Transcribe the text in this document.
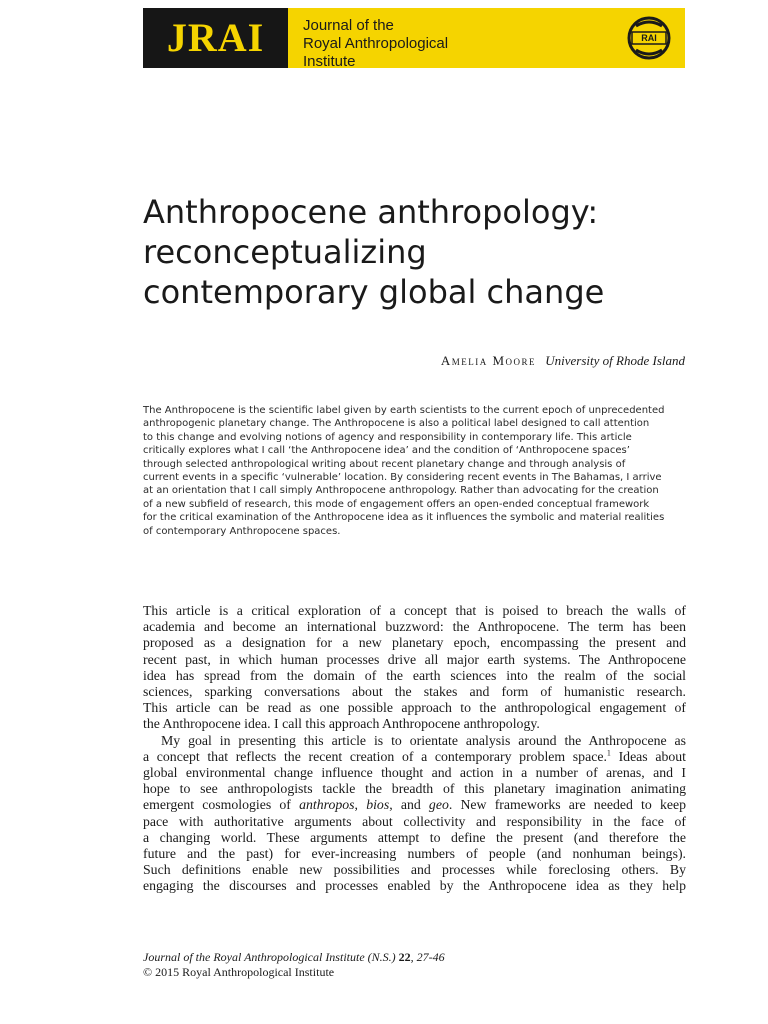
JRAI	Journal of the
Royal Anthropological
Institute
RAI
Anthropocene anthropology:
reconceptualizing
contemporary global change
Amelia Moore University of Rhode Island
The Anthropocene is the scientific label given by earth scientists to the current epoch of unprecedented
anthropogenic planetary change. The Anthropocene is also a political label designed to call attention
to this change and evolving notions of agency and responsibility in contemporary life. This article
critically explores what I call ‘the Anthropocene idea’ and the condition of ‘Anthropocene spaces’
through selected anthropological writing about recent planetary change and through analysis of
current events in a specific ‘vulnerable’ location. By considering recent events in The Bahamas, I arrive
at an orientation that I call simply Anthropocene anthropology. Rather than advocating for the creation
of a new subfield of research, this mode of engagement offers an open-ended conceptual framework
for the critical examination of the Anthropocene idea as it influences the symbolic and material realities
of contemporary Anthropocene spaces.
This article is a critical exploration of a concept that is poised to breach the walls of
academia and become an international buzzword: the Anthropocene. The term has been
proposed as a designation for a new planetary epoch, encompassing the present and
recent past, in which human processes drive all major earth systems. The Anthropocene
idea has spread from the domain of the earth sciences into the realm of the social
sciences, sparking conversations about the stakes and form of humanistic research.
This article can be read as one possible approach to the anthropological engagement of
the Anthropocene idea. I call this approach Anthropocene anthropology.
My goal in presenting this article is to orientate analysis around the Anthropocene as
a concept that reflects the recent creation of a contemporary problem space.$^1$ Ideas about
global environmental change influence thought and action in a number of arenas, and I
hope to see anthropologists tackle the breadth of this planetary imagination animating
emergent cosmologies of anthropos, bios, and geo. New frameworks are needed to keep
pace with authoritative arguments about collectivity and responsibility in the face of
a changing world. These arguments attempt to define the present (and therefore the
future and the past) for ever-increasing numbers of people (and nonhuman beings).
Such definitions enable new possibilities and processes while foreclosing others. By
engaging the discourses and processes enabled by the Anthropocene idea as they help
Journal of the Royal Anthropological Institute (N.S.) 22, 27-46
© 2015 Royal Anthropological Institute
